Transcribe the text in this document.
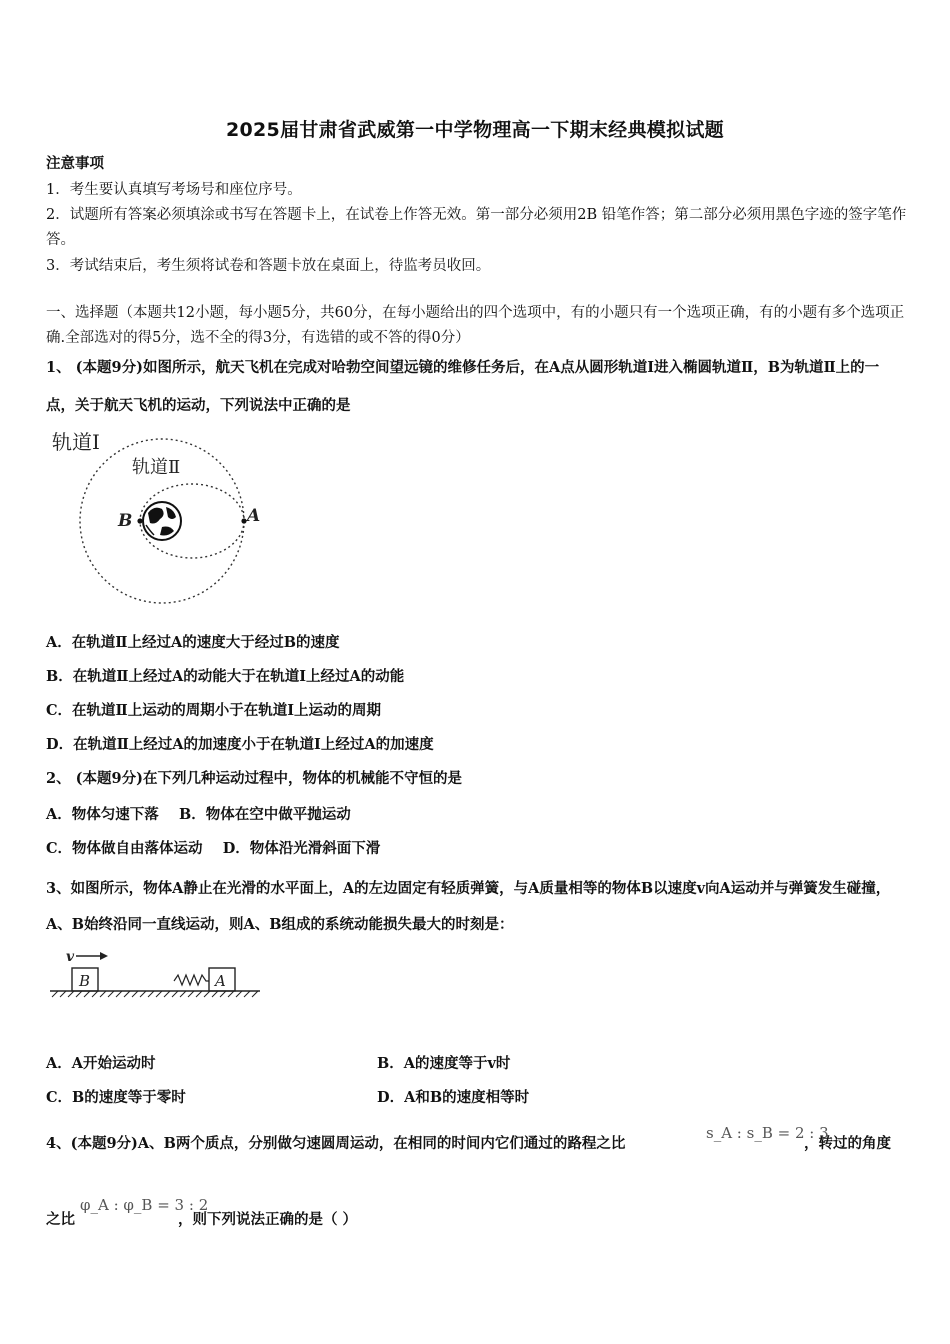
2025届甘肃省武威第一中学物理高一下期末经典模拟试题
注意事项
1．考生要认真填写考场号和座位序号。
2．试题所有答案必须填涂或书写在答题卡上，在试卷上作答无效。第一部分必须用2B 铅笔作答；第二部分必须用黑色字迹的签字笔作答。
3．考试结束后，考生须将试卷和答题卡放在桌面上，待监考员收回。
一、选择题（本题共12小题，每小题5分，共60分，在每小题给出的四个选项中，有的小题只有一个选项正确，有的小题有多个选项正确.全部选对的得5分，选不全的得3分，有选错的或不答的得0分）
1、 (本题9分)如图所示，航天飞机在完成对哈勃空间望远镜的维修任务后，在A点从圆形轨道Ⅰ进入椭圆轨道Ⅱ，B为轨道Ⅱ上的一点，关于航天飞机的运动，下列说法中正确的是
轨道Ⅰ
轨道Ⅱ
B	A
A．在轨道Ⅱ上经过A的速度大于经过B的速度
B．在轨道Ⅱ上经过A的动能大于在轨道Ⅰ上经过A的动能
C．在轨道Ⅱ上运动的周期小于在轨道Ⅰ上运动的周期
D．在轨道Ⅱ上经过A的加速度小于在轨道Ⅰ上经过A的加速度
2、 (本题9分)在下列几种运动过程中，物体的机械能不守恒的是
A．物体匀速下落    B．物体在空中做平抛运动
C．物体做自由落体运动    D．物体沿光滑斜面下滑
3、如图所示，物体A静止在光滑的水平面上，A的左边固定有轻质弹簧，与A质量相等的物体B以速度v向A运动并与弹簧发生碰撞，A、B始终沿同一直线运动，则A、B组成的系统动能损失最大的时刻是：
v
B	A
A．A开始运动时	B．A的速度等于v时
C．B的速度等于零时	D．A和B的速度相等时
4、(本题9分)A、B两个质点，分别做匀速圆周运动，在相同的时间内它们通过的路程之比
s_A : s_B = 2 : 3
，转过的角度
之比
φ_A : φ_B = 3 : 2
，则下列说法正确的是（ ）
